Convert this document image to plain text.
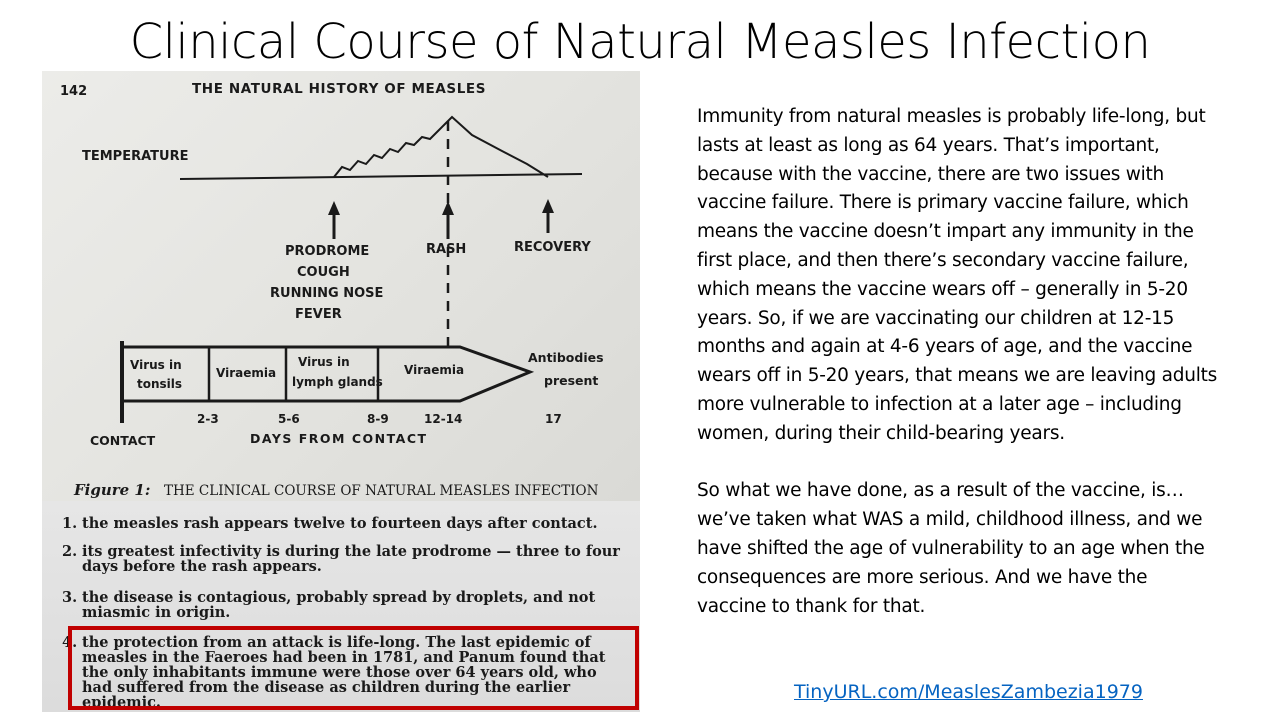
Clinical Course of Natural Measles Infection
142	THE NATURAL HISTORY OF MEASLES
TEMPERATURE
PRODROME
COUGH
RUNNING NOSE
FEVER
RASH	RECOVERY
Virus in
tonsils
Viraemia
Virus in
lymph glands
Viraemia
Antibodies
present
2-3	5-6	8-9	12-14	17
CONTACT	DAYS FROM CONTACT
Figure 1: THE CLINICAL COURSE OF NATURAL MEASLES INFECTION
1. the measles rash appears twelve to fourteen days after contact.
2. its greatest infectivity is during the late prodrome — three to four days before the rash appears.
3. the disease is contagious, probably spread by droplets, and not miasmic in origin.
4. the protection from an attack is life-long. The last epidemic of measles in the Faeroes had been in 1781, and Panum found that the only inhabitants immune were those over 64 years old, who had suffered from the disease as children during the earlier epidemic.

Immunity from natural measles is probably life-long, but lasts at least as long as 64 years. That’s important, because with the vaccine, there are two issues with vaccine failure. There is primary vaccine failure, which means the vaccine doesn’t impart any immunity in the first place, and then there’s secondary vaccine failure, which means the vaccine wears off – generally in 5-20 years. So, if we are vaccinating our children at 12-15 months and again at 4-6 years of age, and the vaccine wears off in 5-20 years, that means we are leaving adults more vulnerable to infection at a later age – including women, during their child-bearing years.

So what we have done, as a result of the vaccine, is… we’ve taken what WAS a mild, childhood illness, and we have shifted the age of vulnerability to an age when the consequences are more serious. And we have the vaccine to thank for that.

TinyURL.com/MeaslesZambezia1979
